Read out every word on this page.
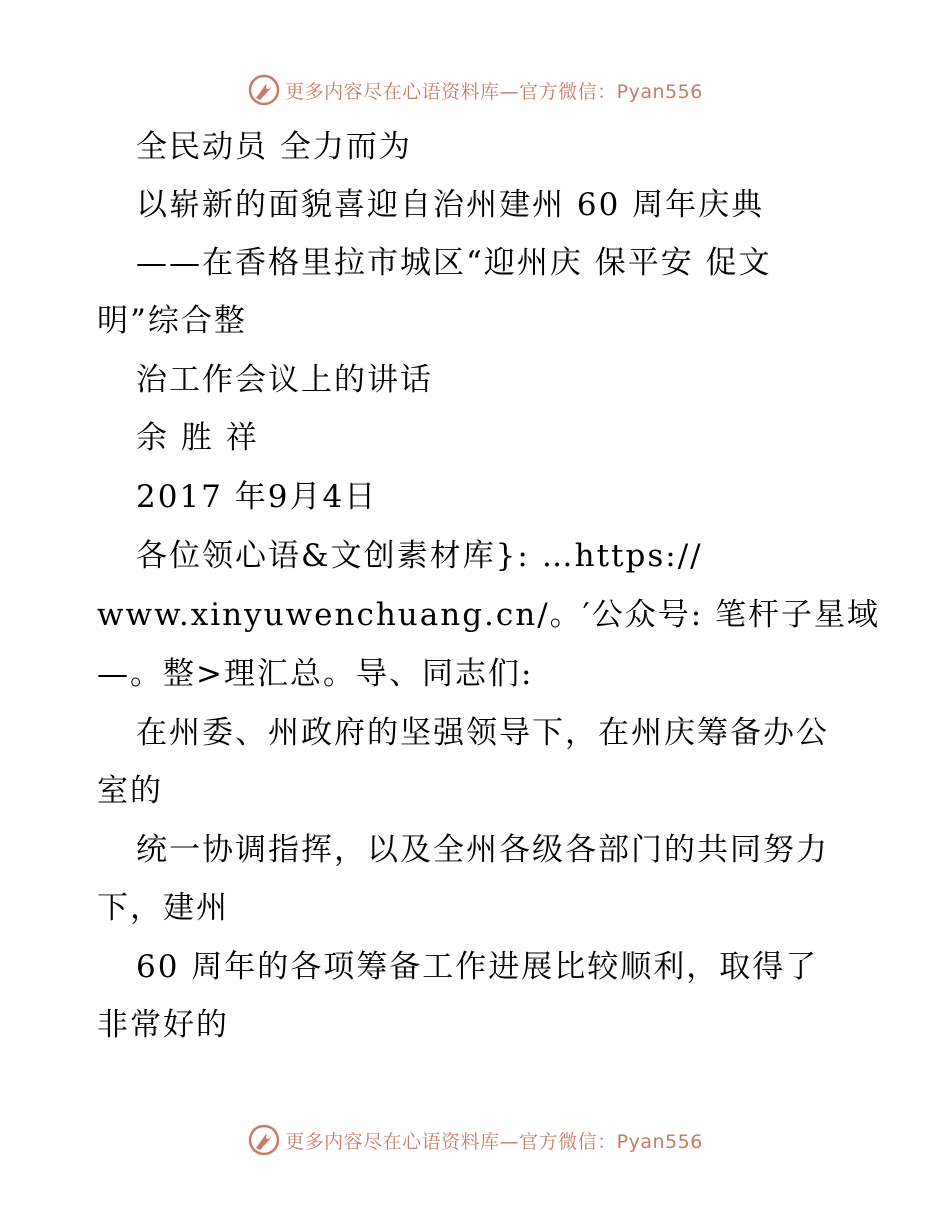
更多内容尽在心语资料库—官方微信：Pyan556
全民动员 全力而为
以崭新的面貌喜迎自治州建州 60 周年庆典
——在香格里拉市城区“迎州庆 保平安 促文
明”综合整
治工作会议上的讲话
余 胜 祥
2017 年9月4日
各位领心语&文创素材库}: …https://
www.xinyuwenchuang.cn/。′公众号: 笔杆子星域
—。整>理汇总。导、同志们:
在州委、州政府的坚强领导下，在州庆筹备办公
室的
统一协调指挥，以及全州各级各部门的共同努力
下，建州
60 周年的各项筹备工作进展比较顺利，取得了
非常好的
更多内容尽在心语资料库—官方微信：Pyan556
